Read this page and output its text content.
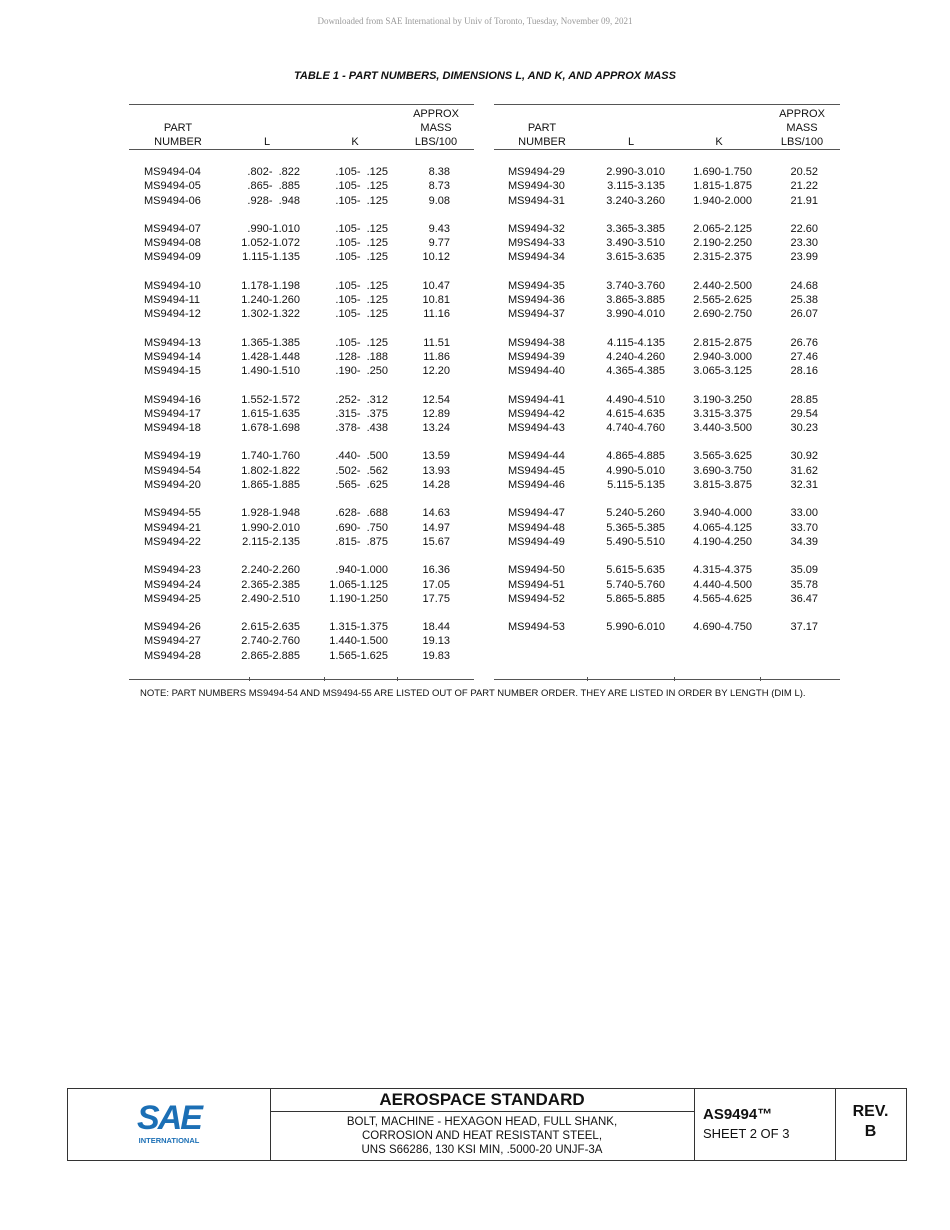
Downloaded from SAE International by Univ of Toronto, Tuesday, November 09, 2021
TABLE 1 - PART NUMBERS, DIMENSIONS L, AND K, AND APPROX MASS
PART
NUMBER	L	K
APPROX
MASS
LBS/100
MS9494-04	.802-  .822	.105-  .125	8.38
MS9494-05	.865-  .885	.105-  .125	8.73
MS9494-06	.928-  .948	.105-  .125	9.08
MS9494-07	.990-1.010	.105-  .125	9.43
MS9494-08	1.052-1.072	.105-  .125	9.77
MS9494-09	1.115-1.135	.105-  .125	10.12
MS9494-10	1.178-1.198	.105-  .125	10.47
MS9494-11	1.240-1.260	.105-  .125	10.81
MS9494-12	1.302-1.322	.105-  .125	11.16
MS9494-13	1.365-1.385	.105-  .125	11.51
MS9494-14	1.428-1.448	.128-  .188	11.86
MS9494-15	1.490-1.510	.190-  .250	12.20
MS9494-16	1.552-1.572	.252-  .312	12.54
MS9494-17	1.615-1.635	.315-  .375	12.89
MS9494-18	1.678-1.698	.378-  .438	13.24
MS9494-19	1.740-1.760	.440-  .500	13.59
MS9494-54	1.802-1.822	.502-  .562	13.93
MS9494-20	1.865-1.885	.565-  .625	14.28
MS9494-55	1.928-1.948	.628-  .688	14.63
MS9494-21	1.990-2.010	.690-  .750	14.97
MS9494-22	2.115-2.135	.815-  .875	15.67
MS9494-23	2.240-2.260	.940-1.000	16.36
MS9494-24	2.365-2.385	1.065-1.125	17.05
MS9494-25	2.490-2.510	1.190-1.250	17.75
MS9494-26	2.615-2.635	1.315-1.375	18.44
MS9494-27	2.740-2.760	1.440-1.500	19.13
MS9494-28	2.865-2.885	1.565-1.625	19.83
PART
NUMBER	L	K
APPROX
MASS
LBS/100
MS9494-29	2.990-3.010	1.690-1.750	20.52
MS9494-30	3.115-3.135	1.815-1.875	21.22
MS9494-31	3.240-3.260	1.940-2.000	21.91
MS9494-32	3.365-3.385	2.065-2.125	22.60
M9S494-33	3.490-3.510	2.190-2.250	23.30
MS9494-34	3.615-3.635	2.315-2.375	23.99
MS9494-35	3.740-3.760	2.440-2.500	24.68
MS9494-36	3.865-3.885	2.565-2.625	25.38
MS9494-37	3.990-4.010	2.690-2.750	26.07
MS9494-38	4.115-4.135	2.815-2.875	26.76
MS9494-39	4.240-4.260	2.940-3.000	27.46
MS9494-40	4.365-4.385	3.065-3.125	28.16
MS9494-41	4.490-4.510	3.190-3.250	28.85
MS9494-42	4.615-4.635	3.315-3.375	29.54
MS9494-43	4.740-4.760	3.440-3.500	30.23
MS9494-44	4.865-4.885	3.565-3.625	30.92
MS9494-45	4.990-5.010	3.690-3.750	31.62
MS9494-46	5.115-5.135	3.815-3.875	32.31
MS9494-47	5.240-5.260	3.940-4.000	33.00
MS9494-48	5.365-5.385	4.065-4.125	33.70
MS9494-49	5.490-5.510	4.190-4.250	34.39
MS9494-50	5.615-5.635	4.315-4.375	35.09
MS9494-51	5.740-5.760	4.440-4.500	35.78
MS9494-52	5.865-5.885	4.565-4.625	36.47
MS9494-53	5.990-6.010	4.690-4.750	37.17
NOTE: PART NUMBERS MS9494-54 AND MS9494-55 ARE LISTED OUT OF PART NUMBER ORDER. THEY ARE LISTED IN ORDER BY LENGTH (DIM L).
SAE
INTERNATIONAL
AEROSPACE STANDARD
BOLT, MACHINE - HEXAGON HEAD, FULL SHANK,
CORROSION AND HEAT RESISTANT STEEL,
UNS S66286, 130 KSI MIN, .5000-20 UNJF-3A
AS9494™
SHEET 2 OF 3
REV.
B
